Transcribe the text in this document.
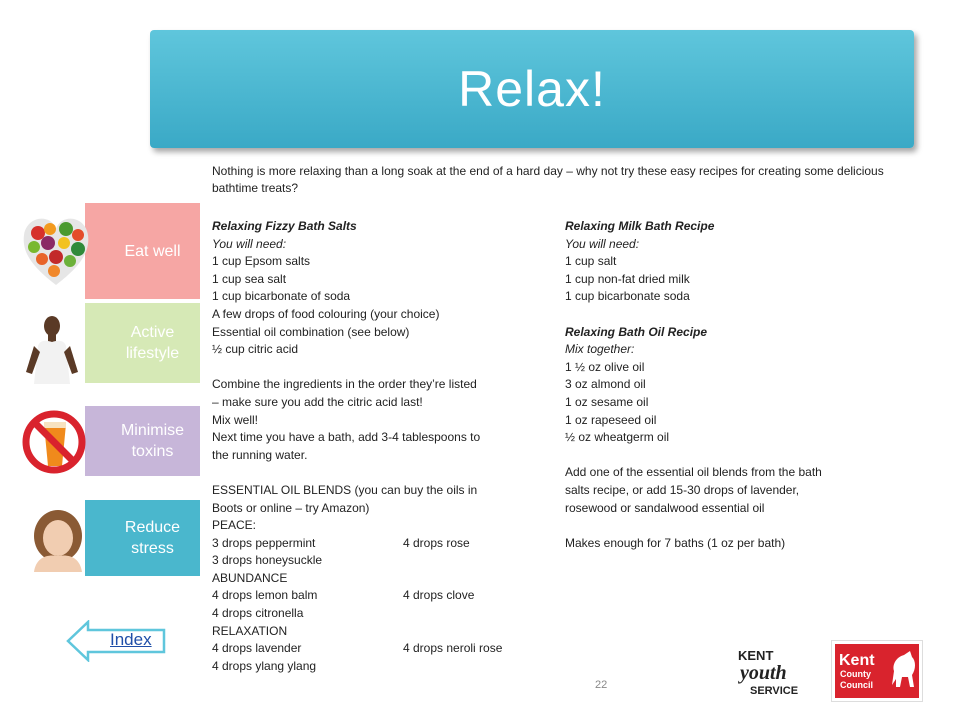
Relax!
Nothing is more relaxing than a long soak at the end of a hard day – why not try these easy recipes for creating some delicious bathtime treats?
Relaxing Fizzy Bath Salts
You will need:
1 cup Epsom salts
1 cup sea salt
1 cup bicarbonate of soda
A few drops of food colouring (your choice)
Essential oil combination (see below)
½ cup citric acid
Combine the ingredients in the order they’re listed
– make sure you add the citric acid last!
Mix well!
Next time you have a bath, add 3-4 tablespoons to
the running water.
ESSENTIAL OIL BLENDS (you can buy the oils in
Boots or online – try Amazon)
PEACE:
3 drops peppermint	4 drops rose
3 drops honeysuckle
ABUNDANCE
4 drops lemon balm	4 drops clove
4 drops citronella
RELAXATION
4 drops lavender	4 drops neroli rose
4 drops ylang ylang
Relaxing Milk Bath Recipe
You will need:
1 cup salt
1 cup non-fat dried milk
1 cup bicarbonate soda
Relaxing Bath Oil Recipe
Mix together:
1 ½ oz olive oil
3 oz almond oil
1 oz sesame oil
1 oz rapeseed oil
½ oz wheatgerm oil
Add one of the essential oil blends from the bath
salts recipe, or add 15-30 drops of lavender,
rosewood or sandalwood essential oil
Makes enough for 7 baths (1 oz per bath)
Eat well
Active lifestyle
Minimise toxins
Reduce stress
Index
22
KENT
youth
SERVICE
Kent
County
Council
